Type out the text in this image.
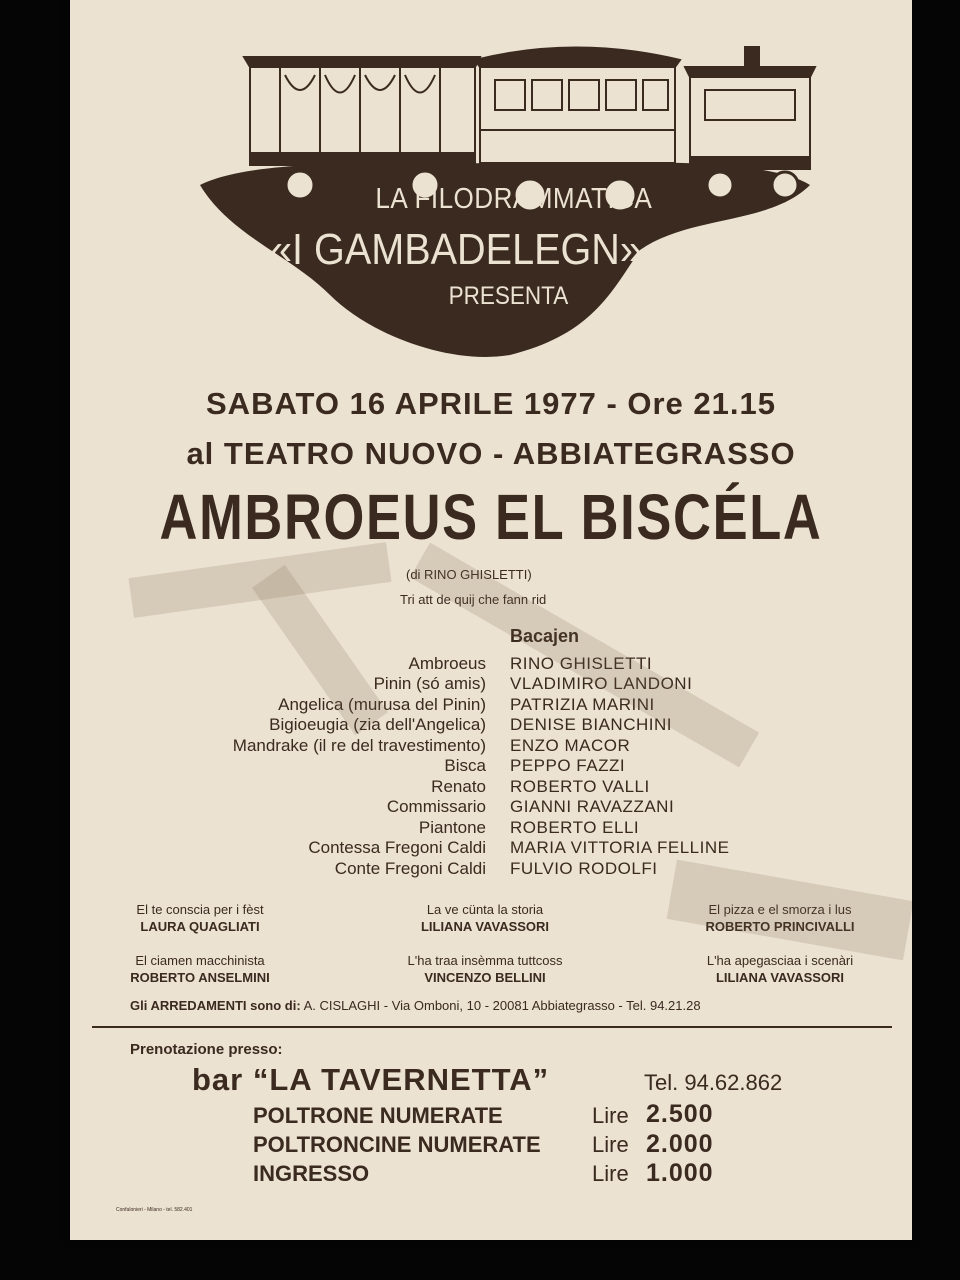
LA FILODRAMMATICA
«I GAMBADELEGN»
PRESENTA
SABATO 16 APRILE 1977 - Ore 21.15
al TEATRO NUOVO - ABBIATEGRASSO
AMBROEUS EL BISCÉLA
(di RINO GHISLETTI)
Tri att de quij che fann rid
Bacajen
Ambroeus RINO GHISLETTI
Pinin (só amis) VLADIMIRO LANDONI
Angelica (murusa del Pinin) PATRIZIA MARINI
Bigioeugia (zia dell'Angelica) DENISE BIANCHINI
Mandrake (il re del travestimento) ENZO MACOR
Bisca PEPPO FAZZI
Renato ROBERTO VALLI
Commissario GIANNI RAVAZZANI
Piantone ROBERTO ELLI
Contessa Fregoni Caldi MARIA VITTORIA FELLINE
Conte Fregoni Caldi FULVIO RODOLFI
El te conscia per i fèst
LAURA QUAGLIATI
La ve cünta la storia
LILIANA VAVASSORI
El pizza e el smorza i lus
ROBERTO PRINCIVALLI
El ciamen macchinista
ROBERTO ANSELMINI
L'ha traa insèmma tuttcoss
VINCENZO BELLINI
L'ha apegasciaa i scenàri
LILIANA VAVASSORI
Gli ARREDAMENTI sono di: A. CISLAGHI - Via Omboni, 10 - 20081 Abbiategrasso - Tel. 94.21.28
Prenotazione presso:
bar “LA TAVERNETTA”	Tel. 94.62.862
POLTRONE NUMERATE	Lire 2.500
POLTRONCINE NUMERATE Lire 2.000
INGRESSO	Lire 1.000
Confalonieri - Milano - tel. 582.401
